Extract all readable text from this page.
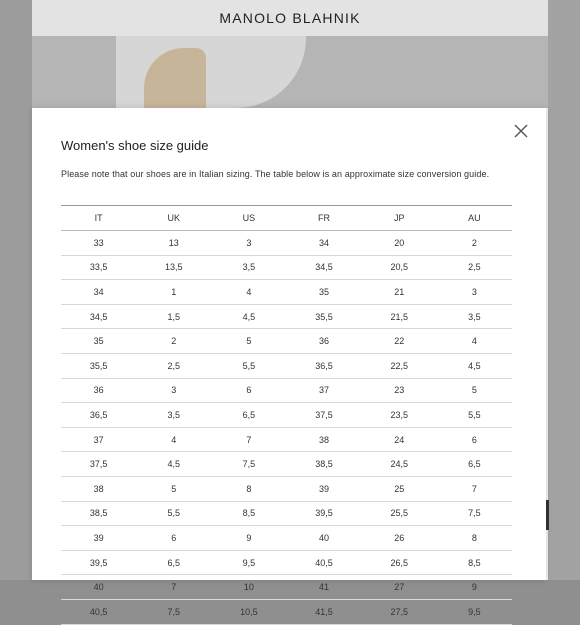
MANOLO BLAHNIK
Women's shoe size guide
Please note that our shoes are in Italian sizing. The table below is an approximate size conversion guide.
IT	UK	US	FR	JP	AU
33	13	3	34	20	2
33,5	13,5	3,5	34,5	20,5	2,5
34	1	4	35	21	3
34,5	1,5	4,5	35,5	21,5	3,5
35	2	5	36	22	4
35,5	2,5	5,5	36,5	22,5	4,5
36	3	6	37	23	5
36,5	3,5	6,5	37,5	23,5	5,5
37	4	7	38	24	6
37,5	4,5	7,5	38,5	24,5	6,5
38	5	8	39	25	7
38,5	5,5	8,5	39,5	25,5	7,5
39	6	9	40	26	8
39,5	6,5	9,5	40,5	26,5	8,5
40	7	10	41	27	9
40,5	7,5	10,5	41,5	27,5	9,5
